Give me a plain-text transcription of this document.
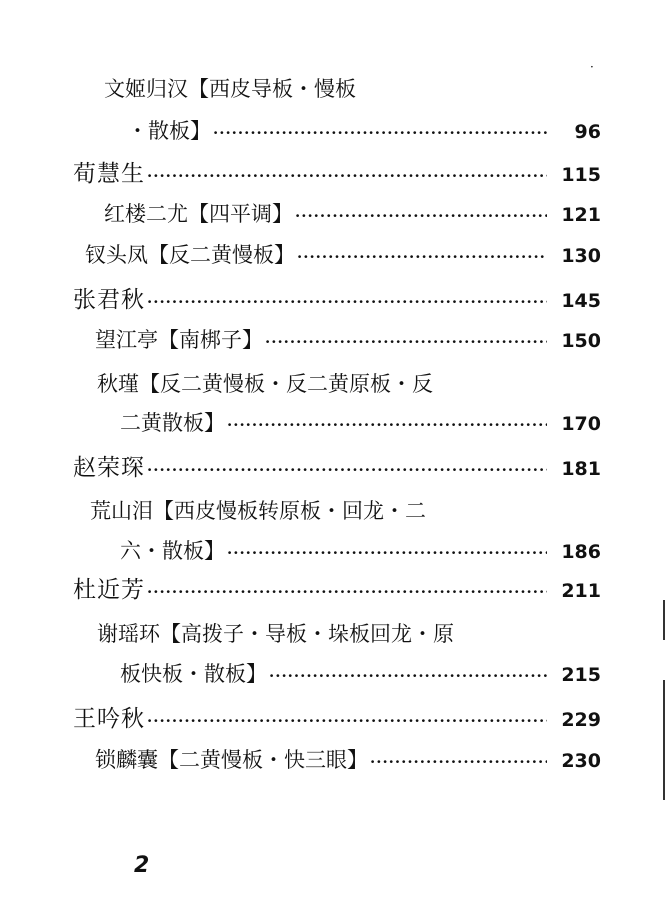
·
文姬归汉【西皮导板・慢板
・散板】 ·····	96
荀慧生 ·····	115
红楼二尤【四平调】 ·····	121
钗头凤【反二黄慢板】 ·····	130
张君秋 ·····	145
望江亭【南梆子】 ·····	150
秋瑾【反二黄慢板・反二黄原板・反
二黄散板】 ·····	170
赵荣琛 ·····	181
荒山泪【西皮慢板转原板・回龙・二
六・散板】 ·····	186
杜近芳 ·····	211
谢瑶环【高拨子・导板・垛板回龙・原
板快板・散板】 ·····	215
王吟秋 ·····	229
锁麟囊【二黄慢板・快三眼】 ·····	230
2
